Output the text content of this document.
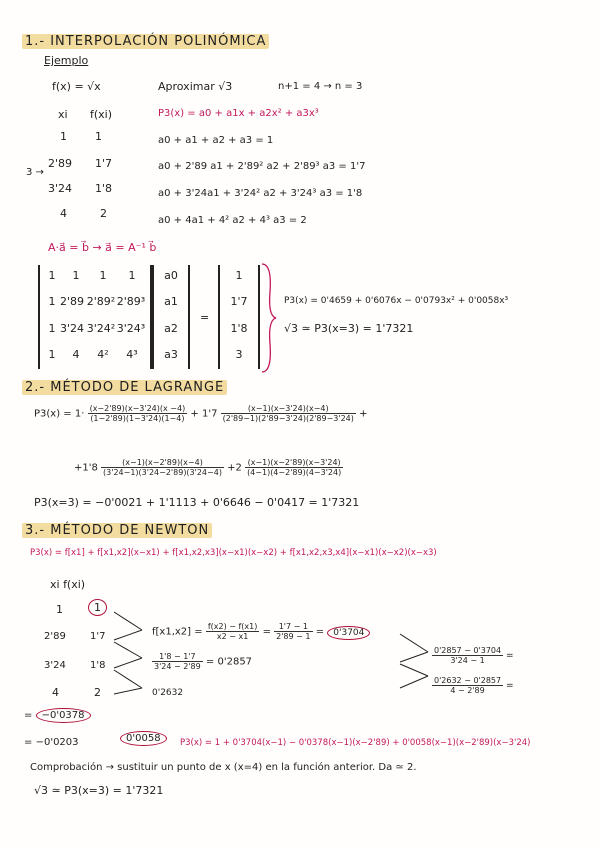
1.- INTERPOLACIÓN POLINÓMICA
Ejemplo
f(x) = √x	Aproximar √3	n+1 = 4 → n = 3
xi f(xi)
1	1
2'89 1'7
3 →
3'24 1'8
4	2
P3(x) = a0 + a1x + a2x² + a3x³
a0 + a1 + a2 + a3 = 1
a0 + 2'89 a1 + 2'89² a2 + 2'89³ a3 = 1'7
a0 + 3'24a1 + 3'24² a2 + 3'24³ a3 = 1'8
a0 + 4a1 + 4² a2 + 4³ a3 = 2
A·a⃗ = b⃗ → a⃗ = A⁻¹ b⃗
1	1	1	1
1 2'89 2'89² 2'89³
1 3'24 3'24² 3'24³
1	4	4²	4³
a0
a1
a2
a3
=
1
1'7
1'8
3
P3(x) = 0'4659 + 0'6076x − 0'0793x² + 0'0058x³
√3 ≃ P3(x=3) = 1'7321
2.- MÉTODO DE LAGRANGE
$P3(x) = 1\cdot \frac{(x-2'89)(x-3'24)(x -4)}{(1-2'89)(1-3'24)(1-4)} + 1'7 \frac{(x-1)(x-3'24)(x-4)}{(2'89-1)(2'89-3'24)(2'89-3'24)}$ +
$+1'8 \frac{(x-1)(x-2'89)(x-4)}{(3'24-1)(3'24-2'89)(3'24-4)} +2 \frac{(x-1)(x-2'89)(x-3'24)}{(4-1)(4-2'89)(4-3'24)}$
P3(x=3) = −0'0021 + 1'1113 + 0'6646 − 0'0417 = 1'7321
3.- MÉTODO DE NEWTON
P3(x) = f[x1] + f[x1,x2](x−x1) + f[x1,x2,x3](x−x1)(x−x2) + f[x1,x2,x3,x4](x−x1)(x−x2)(x−x3)
xi f(xi)
1	1
2'89 1'7
3'24 1'8
4	2
$f[x1,x2] = \frac{f(x2) - f(x1)}{x2 - x1} = \frac{1'7 - 1}{2'89 - 1} = 0'3704$
$\frac{1'8 - 1'7}{3'24 - 2'89} = 0'2857$
0'2632
$\frac{0'2857 - 0'3704}{3'24 - 1}$ =
$\frac{0'2632 - 0'2857}{4 - 2'89}$ =
= −0'0378
= −0'0203	0'0058	P3(x) = 1 + 0'3704(x−1) − 0'0378(x−1)(x−2'89) + 0'0058(x−1)(x−2'89)(x−3'24)
Comprobación → sustituir un punto de x (x=4) en la función anterior. Da ≃ 2.
√3 ≃ P3(x=3) = 1'7321
